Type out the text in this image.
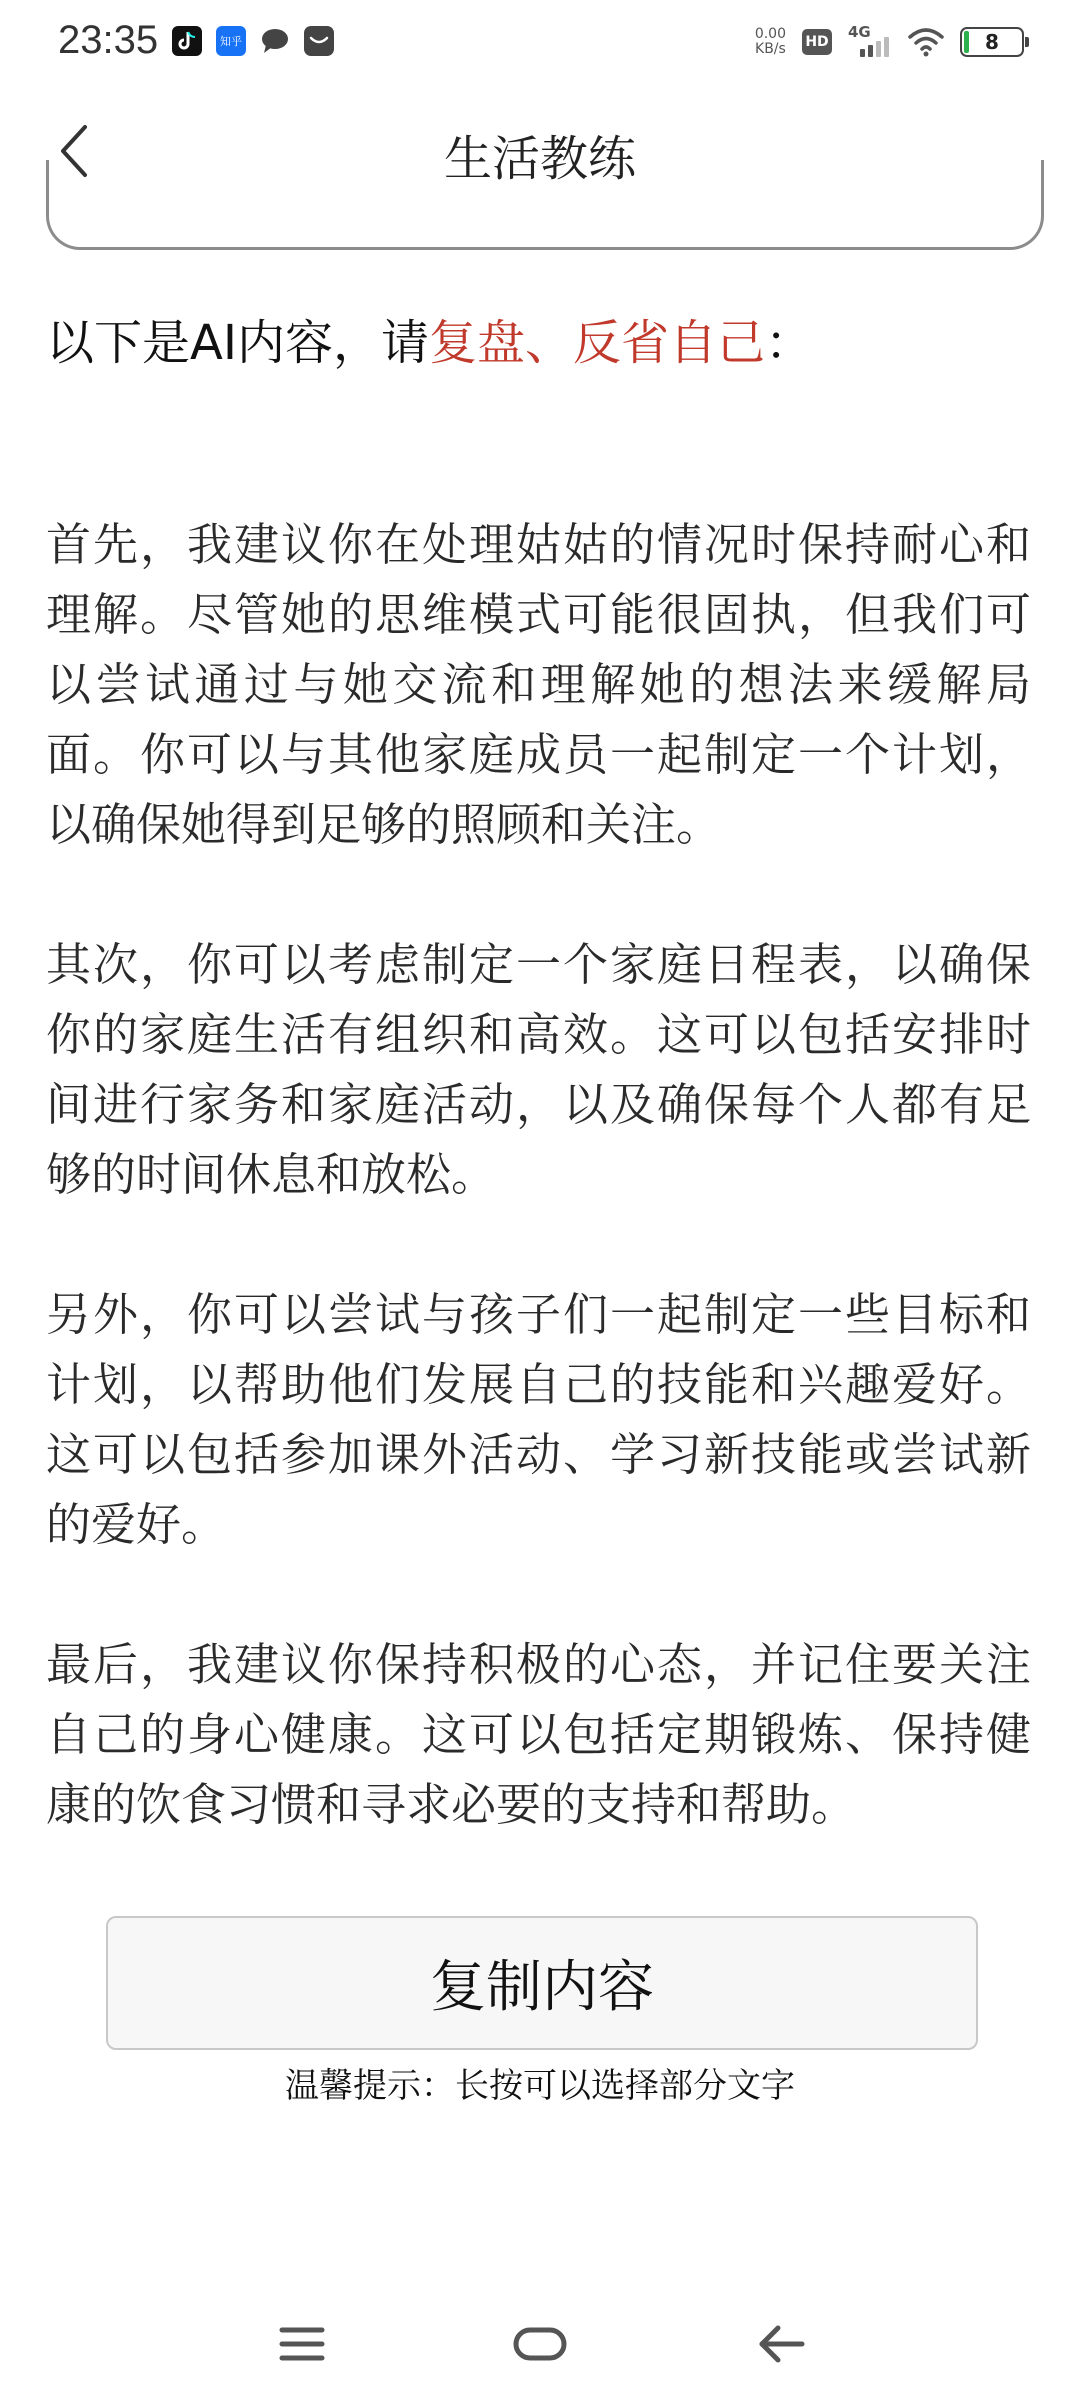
23:35	知乎	0.00
KB/s HD
4G	8
生活教练
以下是AI内容，请复盘、反省自己：

首先，我建议你在处理姑姑的情况时保持耐心和理解。尽管她的思维模式可能很固执，但我们可以尝试通过与她交流和理解她的想法来缓解局面。你可以与其他家庭成员一起制定一个计划，以确保她得到足够的照顾和关注。

其次，你可以考虑制定一个家庭日程表，以确保你的家庭生活有组织和高效。这可以包括安排时间进行家务和家庭活动，以及确保每个人都有足够的时间休息和放松。

另外，你可以尝试与孩子们一起制定一些目标和计划，以帮助他们发展自己的技能和兴趣爱好。这可以包括参加课外活动、学习新技能或尝试新的爱好。

最后，我建议你保持积极的心态，并记住要关注自己的身心健康。这可以包括定期锻炼、保持健康的饮食习惯和寻求必要的支持和帮助。

复制内容
温馨提示：长按可以选择部分文字
